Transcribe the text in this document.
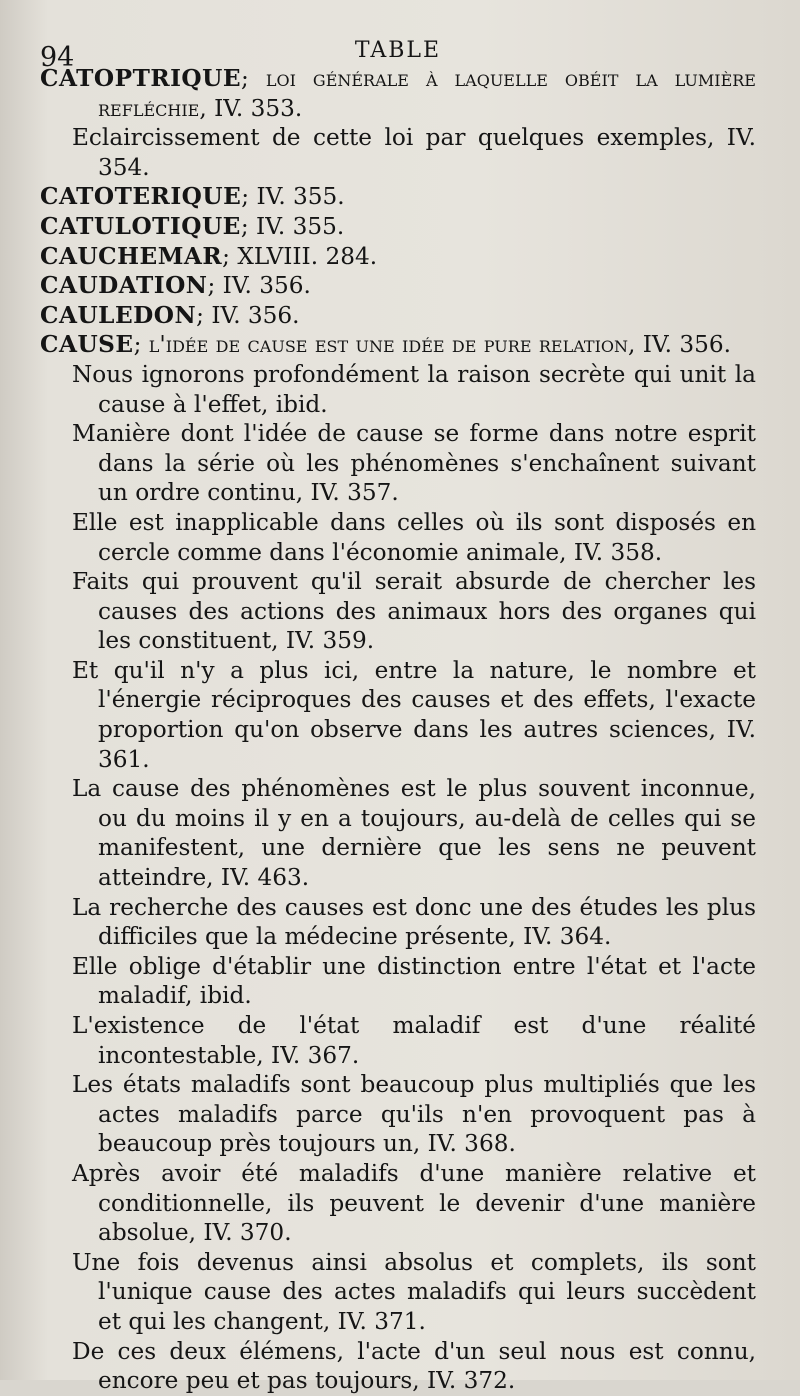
94	TABLE

CATOPTRIQUE; loi générale à laquelle obéit la lumière refléchie, IV. 353.

Eclaircissement de cette loi par quelques exemples, IV. 354.

CATOTERIQUE; IV. 355.

CATULOTIQUE; IV. 355.

CAUCHEMAR; XLVIII. 284.

CAUDATION; IV. 356.

CAULEDON; IV. 356.

CAUSE; l'idée de cause est une idée de pure relation, IV. 356.

Nous ignorons profondément la raison secrète qui unit la cause à l'effet, ibid.

Manière dont l'idée de cause se forme dans notre esprit dans la série où les phénomènes s'enchaînent suivant un ordre continu, IV. 357.

Elle est inapplicable dans celles où ils sont disposés en cercle comme dans l'économie animale, IV. 358.

Faits qui prouvent qu'il serait absurde de chercher les causes des actions des animaux hors des organes qui les constituent, IV. 359.

Et qu'il n'y a plus ici, entre la nature, le nombre et l'énergie réciproques des causes et des effets, l'exacte proportion qu'on observe dans les autres sciences, IV. 361.

La cause des phénomènes est le plus souvent inconnue, ou du moins il y en a toujours, au-delà de celles qui se manifestent, une dernière que les sens ne peuvent atteindre, IV. 463.

La recherche des causes est donc une des études les plus difficiles que la médecine présente, IV. 364.

Elle oblige d'établir une distinction entre l'état et l'acte maladif, ibid.

L'existence de l'état maladif est d'une réalité incontestable, IV. 367.

Les états maladifs sont beaucoup plus multipliés que les actes maladifs parce qu'ils n'en provoquent pas à beaucoup près toujours un, IV. 368.

Après avoir été maladifs d'une manière relative et conditionnelle, ils peuvent le devenir d'une manière absolue, IV. 370.

Une fois devenus ainsi absolus et complets, ils sont l'unique cause des actes maladifs qui leurs succèdent et qui les changent, IV. 371.

De ces deux élémens, l'acte d'un seul nous est connu, encore peu et pas toujours, IV. 372.
